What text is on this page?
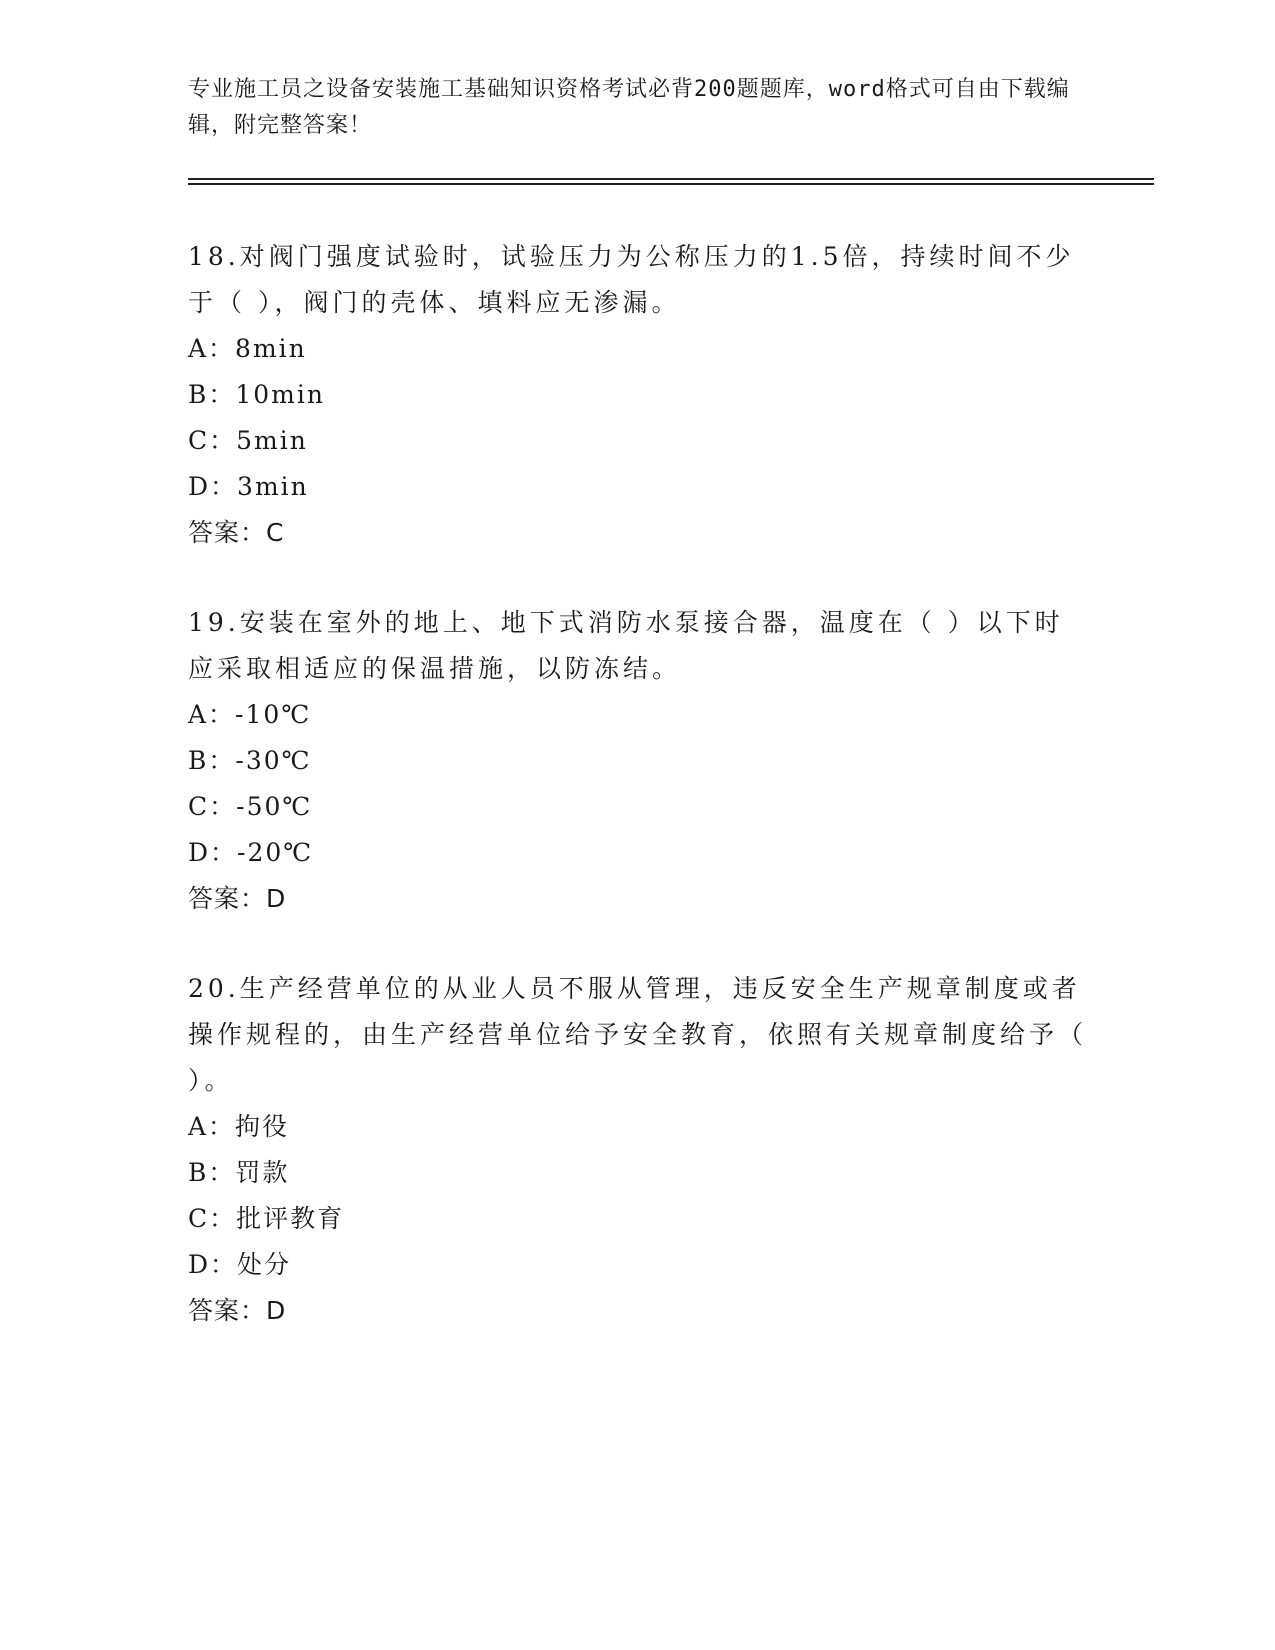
专业施工员之设备安装施工基础知识资格考试必背200题题库，word格式可自由下载编辑，附完整答案！

18.对阀门强度试验时，试验压力为公称压力的1.5倍，持续时间不少于（ ），阀门的壳体、填料应无渗漏。

A：8min

B：10min

C：5min

D：3min

答案：C

19.安装在室外的地上、地下式消防水泵接合器，温度在（ ）以下时应采取相适应的保温措施，以防冻结。

A：-10℃

B：-30℃

C：-50℃

D：-20℃

答案：D

20.生产经营单位的从业人员不服从管理，违反安全生产规章制度或者操作规程的，由生产经营单位给予安全教育，依照有关规章制度给予（ ）。

A：拘役

B：罚款

C：批评教育

D：处分

答案：D
